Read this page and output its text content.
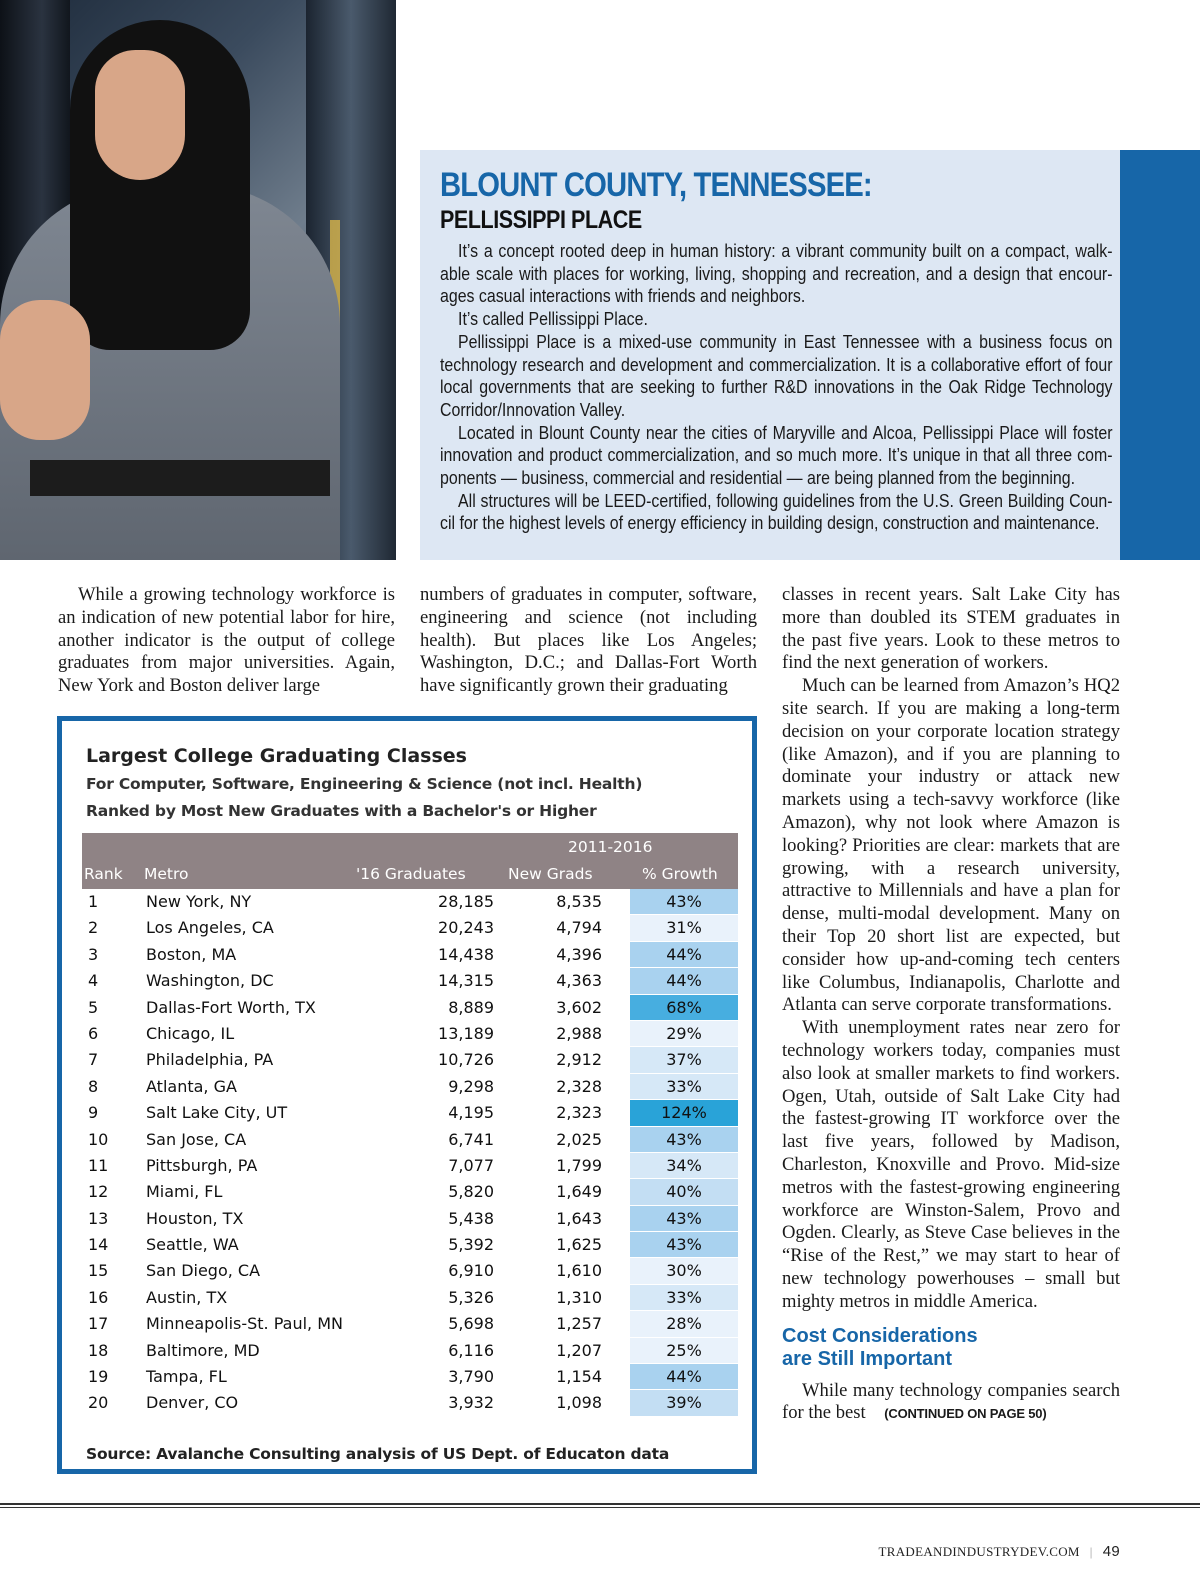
BLOUNT COUNTY, TENNESSEE:
PELLISSIPPI PLACE

It’s a concept rooted deep in human history: a vibrant community built on a compact, walkable scale with places for working, living, shopping and recreation, and a design that encourages casual interactions with friends and neighbors.

It’s called Pellissippi Place.

Pellissippi Place is a mixed-use community in East Tennessee with a business focus on technology research and development and commercialization. It is a collaborative effort of four local governments that are seeking to further R&D innovations in the Oak Ridge Technology Corridor/Innovation Valley.

Located in Blount County near the cities of Maryville and Alcoa, Pellissippi Place will foster innovation and product commercialization, and so much more. It’s unique in that all three components — business, commercial and residential — are being planned from the beginning.

All structures will be LEED-certified, following guidelines from the U.S. Green Building Council for the highest levels of energy efficiency in building design, construction and maintenance.

While a growing technology workforce is an indication of new potential labor for hire, another indicator is the output of college graduates from major universities. Again, New York and Boston deliver large

numbers of graduates in computer, software, engineering and science (not including health). But places like Los Angeles; Washington, D.C.; and Dallas-Fort Worth have significantly grown their graduating

classes in recent years. Salt Lake City has more than doubled its STEM graduates in the past five years. Look to these metros to find the next generation of workers.

Much can be learned from Amazon’s HQ2 site search. If you are making a long-term decision on your corporate location strategy (like Amazon), and if you are planning to dominate your industry or attack new markets using a tech-savvy workforce (like Amazon), why not look where Amazon is looking? Priorities are clear: markets that are growing, with a research university, attractive to Millennials and have a plan for dense, multi-modal development. Many on their Top 20 short list are expected, but consider how up-and-coming tech centers like Columbus, Indianapolis, Charlotte and Atlanta can serve corporate transformations.

With unemployment rates near zero for technology workers today, companies must also look at smaller markets to find workers. Ogen, Utah, outside of Salt Lake City had the fastest-growing IT workforce over the last five years, followed by Madison, Charleston, Knoxville and Provo. Mid-size metros with the fastest-growing engineering workforce are Winston-Salem, Provo and Ogden. Clearly, as Steve Case believes in the “Rise of the Rest,” we may start to hear of new technology powerhouses – small but mighty metros in middle America.

Cost Considerations
are Still Important

While many technology companies search for the best (CONTINUED ON PAGE 50)

Largest College Graduating Classes
For Computer, Software, Engineering & Science (not incl. Health)
Ranked by Most New Graduates with a Bachelor's or Higher
2011-2016
Rank Metro	'16 Graduates	New Grads	% Growth
1	New York, NY	28,185	8,535	43%
2	Los Angeles, CA	20,243	4,794	31%
3	Boston, MA	14,438	4,396	44%
4	Washington, DC	14,315	4,363	44%
5	Dallas-Fort Worth, TX	8,889	3,602	68%
6	Chicago, IL	13,189	2,988	29%
7	Philadelphia, PA	10,726	2,912	37%
8	Atlanta, GA	9,298	2,328	33%
9	Salt Lake City, UT	4,195	2,323	124%
10 San Jose, CA	6,741	2,025	43%
11 Pittsburgh, PA	7,077	1,799	34%
12 Miami, FL	5,820	1,649	40%
13 Houston, TX	5,438	1,643	43%
14 Seattle, WA	5,392	1,625	43%
15 San Diego, CA	6,910	1,610	30%
16 Austin, TX	5,326	1,310	33%
17 Minneapolis-St. Paul, MN	5,698	1,257	28%
18 Baltimore, MD	6,116	1,207	25%
19 Tampa, FL	3,790	1,154	44%
20 Denver, CO	3,932	1,098	39%
Source: Avalanche Consulting analysis of US Dept. of Educaton data
TRADEANDINDUSTRYDEV.COM | 49
